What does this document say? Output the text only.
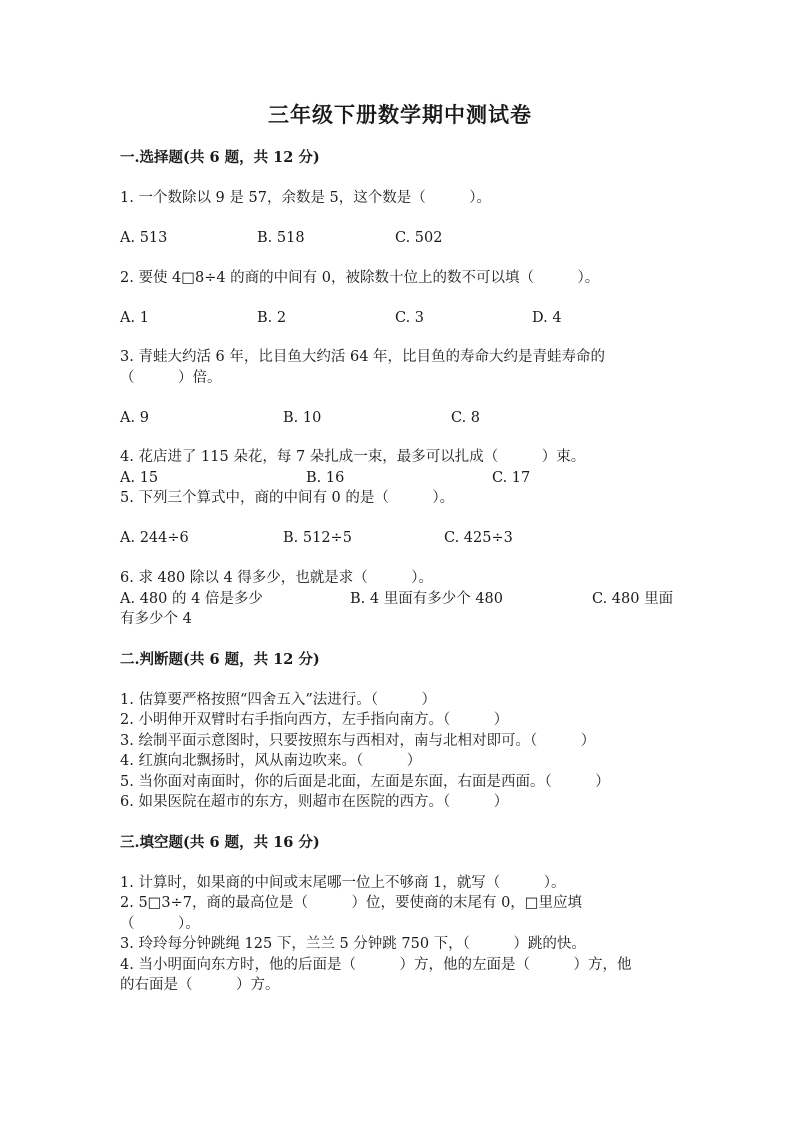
三年级下册数学期中测试卷
一.选择题(共 6 题，共 12 分)
1. 一个数除以 9 是 57，余数是 5，这个数是（　　　）。
A. 513	B. 518	C. 502
2. 要使 4□8÷4 的商的中间有 0，被除数十位上的数不可以填（　　　）。
A. 1	B. 2	C. 3	D. 4
3. 青蛙大约活 6 年，比目鱼大约活 64 年，比目鱼的寿命大约是青蛙寿命的
（　　　）倍。
A. 9	B. 10	C. 8
4. 花店进了 115 朵花，每 7 朵扎成一束，最多可以扎成（　　　）束。
A. 15	B. 16	C. 17
5. 下列三个算式中，商的中间有 0 的是（　　　）。
A. 244÷6	B. 512÷5	C. 425÷3
6. 求 480 除以 4 得多少，也就是求（　　　）。
A. 480 的 4 倍是多少	B. 4 里面有多少个 480	C. 480 里面
有多少个 4
二.判断题(共 6 题，共 12 分)
1. 估算要严格按照“四舍五入”法进行。（　　　）
2. 小明伸开双臂时右手指向西方，左手指向南方。（　　　）
3. 绘制平面示意图时，只要按照东与西相对，南与北相对即可。（　　　）
4. 红旗向北飘扬时，风从南边吹来。（　　　）
5. 当你面对南面时，你的后面是北面，左面是东面，右面是西面。（　　　）
6. 如果医院在超市的东方，则超市在医院的西方。（　　　）
三.填空题(共 6 题，共 16 分)
1. 计算时，如果商的中间或末尾哪一位上不够商 1，就写（　　　）。
2. 5□3÷7，商的最高位是（　　　）位，要使商的末尾有 0，□里应填
（　　　）。
3. 玲玲每分钟跳绳 125 下，兰兰 5 分钟跳 750 下，（　　　）跳的快。
4. 当小明面向东方时，他的后面是（　　　）方，他的左面是（　　　）方，他
的右面是（　　　）方。
